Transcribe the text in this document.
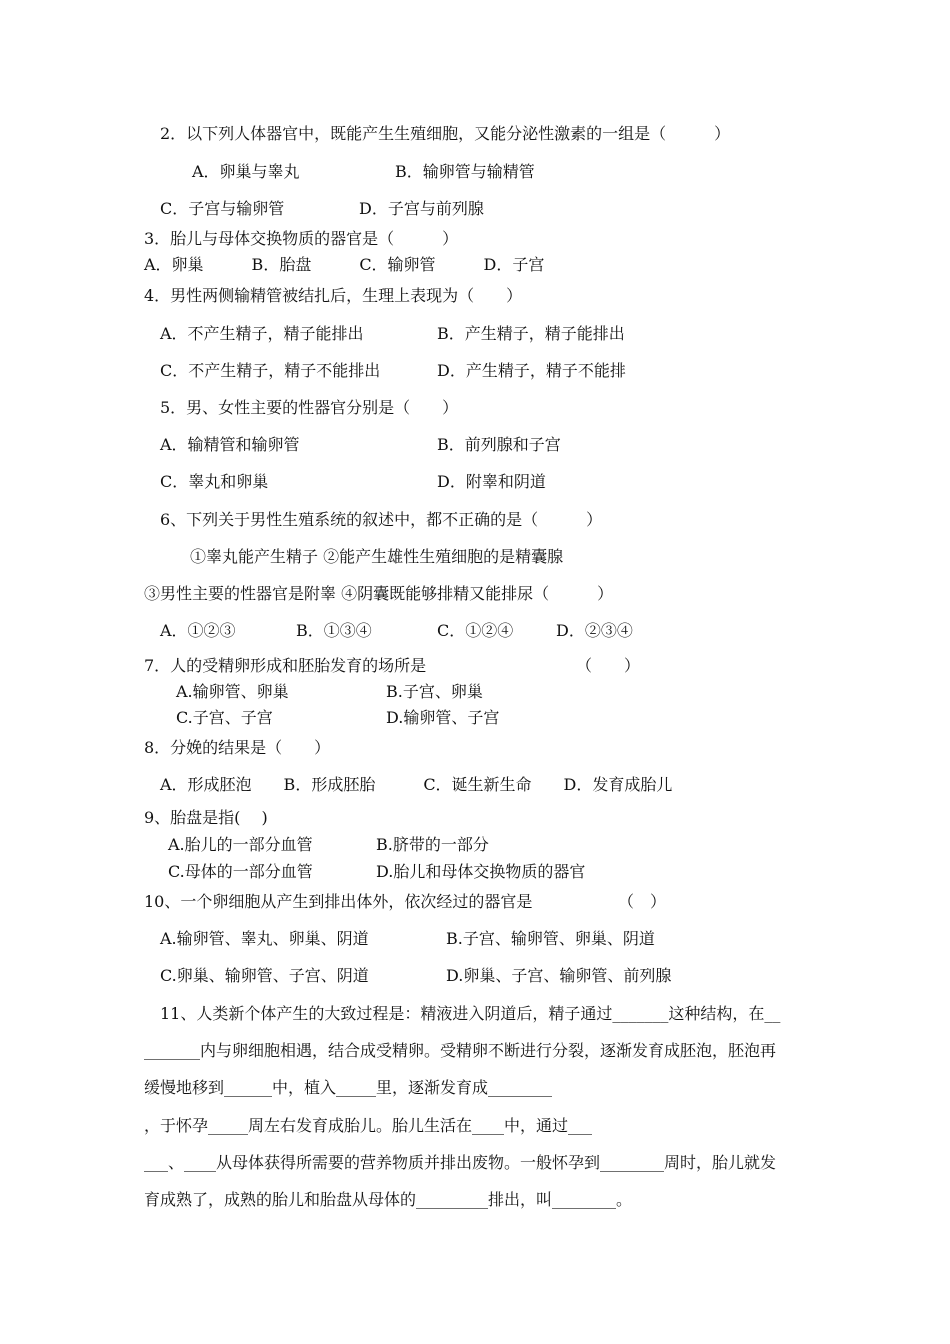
2．以下列人体器官中，既能产生生殖细胞，又能分泌性激素的一组是（　　　）
A．卵巢与睾丸	B．输卵管与输精管
C．子宫与输卵管	D．子宫与前列腺
3．胎儿与母体交换物质的器官是（　　　）
A．卵巢　　　B．胎盘　　　C．输卵管　　　D．子宫
4．男性两侧输精管被结扎后，生理上表现为（　　）
A．不产生精子，精子能排出	B．产生精子，精子能排出
C．不产生精子，精子不能排出	D．产生精子，精子不能排
5．男、女性主要的性器官分别是（　　）
A．输精管和输卵管	B．前列腺和子宫
C．睾丸和卵巢	D．附睾和阴道
6、下列关于男性生殖系统的叙述中，都不正确的是（　　　）
①睾丸能产生精子 ②能产生雄性生殖细胞的是精囊腺
③男性主要的性器官是附睾 ④阴囊既能够排精又能排尿（　　　）
A．①②③	B．①③④	C．①②④	D．②③④
7．人的受精卵形成和胚胎发育的场所是	（　　）
A.输卵管、卵巢	B.子宫、卵巢
C.子宫、子宫	D.输卵管、子宫
8．分娩的结果是（　　）
A．形成胚泡　　B．形成胚胎　　　C．诞生新生命　　D．发育成胎儿
9、胎盘是指(　 )
A.胎儿的一部分血管	B.脐带的一部分
C.母体的一部分血管	D.胎儿和母体交换物质的器官
10、一个卵细胞从产生到排出体外，依次经过的器官是	（　）
A.输卵管、睾丸、卵巢、阴道	B.子宫、输卵管、卵巢、阴道
C.卵巢、输卵管、子宫、阴道	D.卵巢、子宫、输卵管、前列腺
11、人类新个体产生的大致过程是：精液进入阴道后，精子通过_______这种结构，在__
_______内与卵细胞相遇，结合成受精卵。受精卵不断进行分裂，逐渐发育成胚泡，胚泡再
缓慢地移到______中，植入_____里，逐渐发育成________
，于怀孕_____周左右发育成胎儿。胎儿生活在____中，通过___
___、____从母体获得所需要的营养物质并排出废物。一般怀孕到________周时，胎儿就发
育成熟了，成熟的胎儿和胎盘从母体的_________排出，叫________。
